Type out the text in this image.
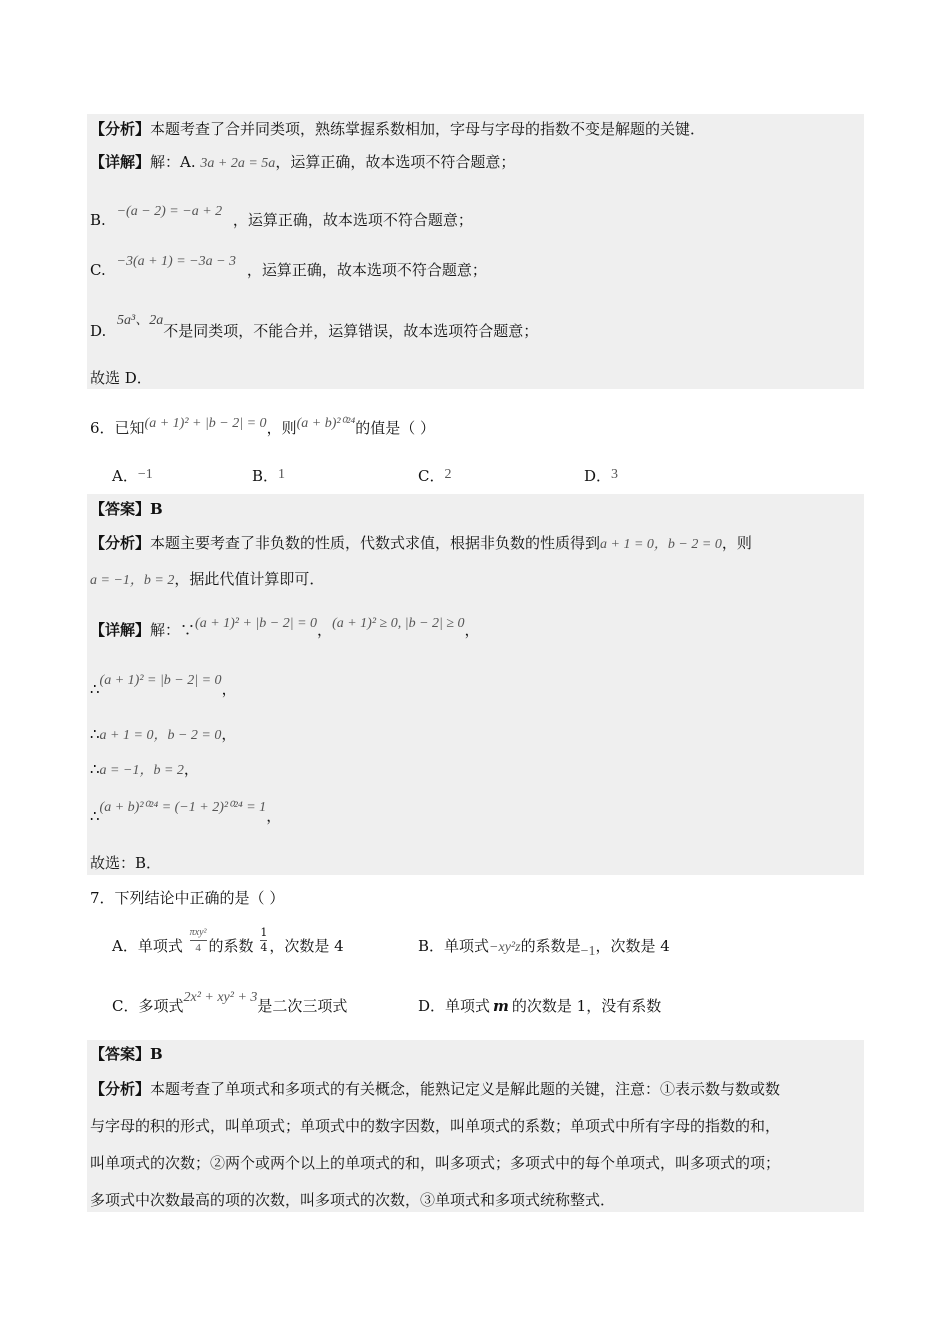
【分析】本题考查了合并同类项，熟练掌握系数相加，字母与字母的指数不变是解题的关键．
【详解】解：A. 3a + 2a = 5a，运算正确，故本选项不符合题意；
B. −(a − 2) = −a + 2 ，运算正确，故本选项不符合题意；
C. −3(a + 1) = −3a − 3 ，运算正确，故本选项不符合题意；
D. 5a³、2a不是同类项，不能合并，运算错误，故本选项符合题意；
故选 D．
6．已知(a + 1)² + |b − 2| = 0，则(a + b)²⁰²⁴的值是（ ）
A．−1	B．1	C．2	D．3
【答案】B
【分析】本题主要考查了非负数的性质，代数式求值，根据非负数的性质得到a + 1 = 0，b − 2 = 0，则
a = −1，b = 2，据此代值计算即可．
【详解】解：∵(a + 1)² + |b − 2| = 0，(a + 1)² ≥ 0, |b − 2| ≥ 0，
∴(a + 1)² = |b − 2| = 0，
∴a + 1 = 0，b − 2 = 0，
∴a = −1，b = 2，
∴(a + b)²⁰²⁴ = (−1 + 2)²⁰²⁴ = 1，
故选：B．
7．下列结论中正确的是（ ）
A．单项式
πxy²
4 的系数 $\frac{1}{4}$ ，次数是 4	B．单项式−xy²z的系数是−1，次数是 4
C．多项式2x² + xy² + 3是二次三项式	D．单项式 m 的次数是 1，没有系数
【答案】B
【分析】本题考查了单项式和多项式的有关概念，能熟记定义是解此题的关键，注意：①表示数与数或数
与字母的积的形式，叫单项式；单项式中的数字因数，叫单项式的系数；单项式中所有字母的指数的和，
叫单项式的次数；②两个或两个以上的单项式的和，叫多项式；多项式中的每个单项式，叫多项式的项；
多项式中次数最高的项的次数，叫多项式的次数，③单项式和多项式统称整式．
